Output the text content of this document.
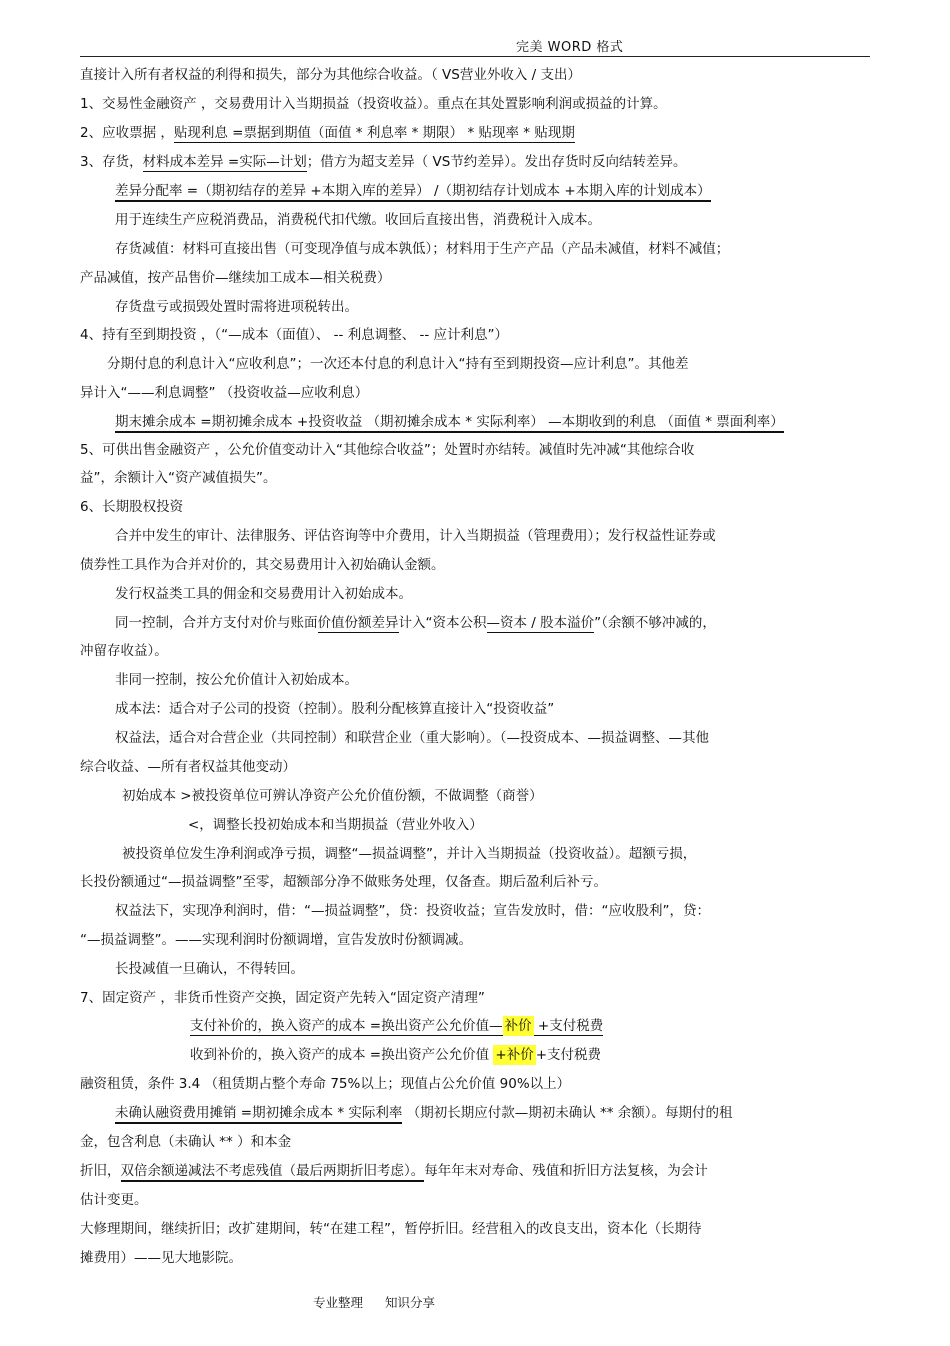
完美 WORD 格式
直接计入所有者权益的利得和损失，部分为其他综合收益。（ VS营业外收入 / 支出）
1、交易性金融资产 ，交易费用计入当期损益（投资收益）。重点在其处置影响利润或损益的计算。
2、应收票据 ，贴现利息 =票据到期值（面值 * 利息率 * 期限） * 贴现率 * 贴现期
3、存货，材料成本差异 =实际—计划；借方为超支差异（ VS节约差异）。发出存货时反向结转差异。
差异分配率 =（期初结存的差异 +本期入库的差异） /（期初结存计划成本 +本期入库的计划成本）
用于连续生产应税消费品，消费税代扣代缴。收回后直接出售，消费税计入成本。
存货减值：材料可直接出售（可变现净值与成本孰低）；材料用于生产产品（产品未减值，材料不减值；
产品减值，按产品售价—继续加工成本—相关税费）
存货盘亏或损毁处置时需将进项税转出。
4、持有至到期投资 ，（“—成本（面值）、 -- 利息调整、 -- 应计利息”）
分期付息的利息计入“应收利息”；一次还本付息的利息计入“持有至到期投资—应计利息”。其他差
异计入“——利息调整” （投资收益—应收利息）
期末摊余成本 =期初摊余成本 +投资收益 （期初摊余成本 * 实际利率） —本期收到的利息 （面值 * 票面利率）
5、可供出售金融资产 ，公允价值变动计入“其他综合收益”；处置时亦结转。减值时先冲减“其他综合收
益”，余额计入“资产减值损失”。
6、长期股权投资
合并中发生的审计、法律服务、评估咨询等中介费用，计入当期损益（管理费用）；发行权益性证券或
债券性工具作为合并对价的，其交易费用计入初始确认金额。
发行权益类工具的佣金和交易费用计入初始成本。
同一控制，合并方支付对价与账面价值份额差异计入“资本公积—资本 / 股本溢价”（余额不够冲减的，
冲留存收益）。
非同一控制，按公允价值计入初始成本。
成本法：适合对子公司的投资（控制）。股利分配核算直接计入“投资收益”
权益法，适合对合营企业（共同控制）和联营企业（重大影响）。（—投资成本、—损益调整、—其他
综合收益、—所有者权益其他变动）
初始成本 >被投资单位可辨认净资产公允价值份额，不做调整（商誉）
<，调整长投初始成本和当期损益（营业外收入）
被投资单位发生净利润或净亏损，调整“—损益调整”，并计入当期损益（投资收益）。超额亏损，
长投份额通过“—损益调整”至零，超额部分净不做账务处理，仅备查。期后盈利后补亏。
权益法下，实现净利润时，借：“—损益调整”，贷：投资收益；宣告发放时，借：“应收股利”，贷：
“—损益调整”。——实现利润时份额调增，宣告发放时份额调减。
长投减值一旦确认，不得转回。
7、固定资产 ，非货币性资产交换，固定资产先转入“固定资产清理”
支付补价的，换入资产的成本 =换出资产公允价值— 补价 +支付税费
收到补价的，换入资产的成本 =换出资产公允价值 +补价 +支付税费
融资租赁，条件 3.4 （租赁期占整个寿命 75%以上；现值占公允价值 90%以上）
未确认融资费用摊销 =期初摊余成本 * 实际利率 （期初长期应付款—期初未确认 ** 余额）。每期付的租
金，包含利息（未确认 ** ）和本金
折旧，双倍余额递减法不考虑残值（最后两期折旧考虑）。每年年末对寿命、残值和折旧方法复核，为会计
估计变更。
大修理期间，继续折旧；改扩建期间，转“在建工程”，暂停折旧。经营租入的改良支出，资本化（长期待
摊费用）——见大地影院。
专业整理 知识分享
